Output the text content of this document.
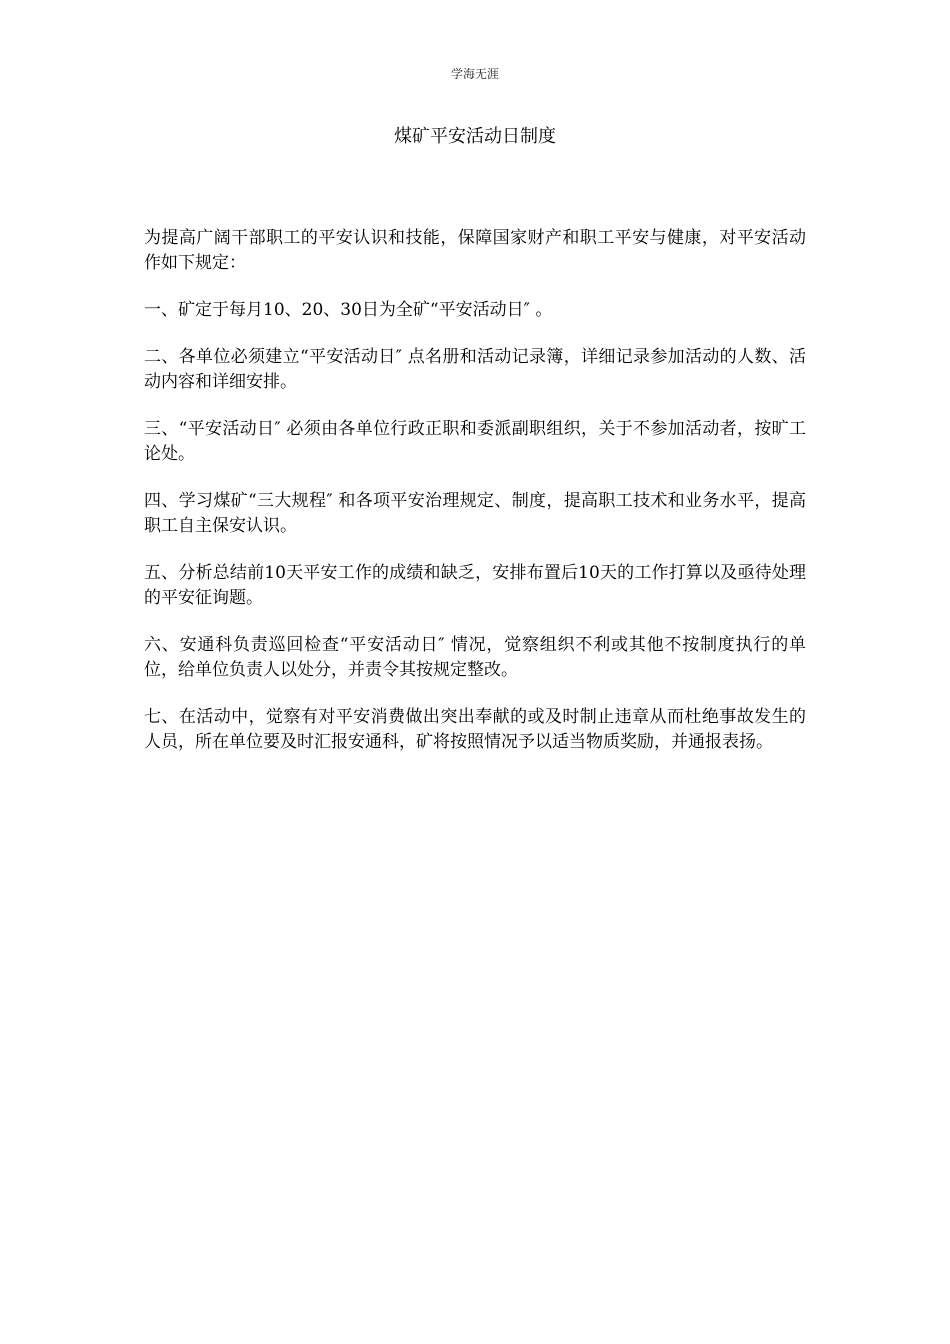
学海无涯
煤矿平安活动日制度

为提高广阔干部职工的平安认识和技能，保障国家财产和职工平安与健康，对平安活动作如下规定：

一、矿定于每月10、20、30日为全矿“平安活动日″ 。

二、各单位必须建立“平安活动日″ 点名册和活动记录簿，详细记录参加活动的人数、活动内容和详细安排。

三、“平安活动日″ 必须由各单位行政正职和委派副职组织，关于不参加活动者，按旷工论处。

四、学习煤矿“三大规程″ 和各项平安治理规定、制度，提高职工技术和业务水平，提高职工自主保安认识。

五、分析总结前10天平安工作的成绩和缺乏，安排布置后10天的工作打算以及亟待处理的平安征询题。

六、安通科负责巡回检查“平安活动日″ 情况，觉察组织不利或其他不按制度执行的单位，给单位负责人以处分，并责令其按规定整改。

七、在活动中，觉察有对平安消费做出突出奉献的或及时制止违章从而杜绝事故发生的人员，所在单位要及时汇报安通科，矿将按照情况予以适当物质奖励，并通报表扬。
